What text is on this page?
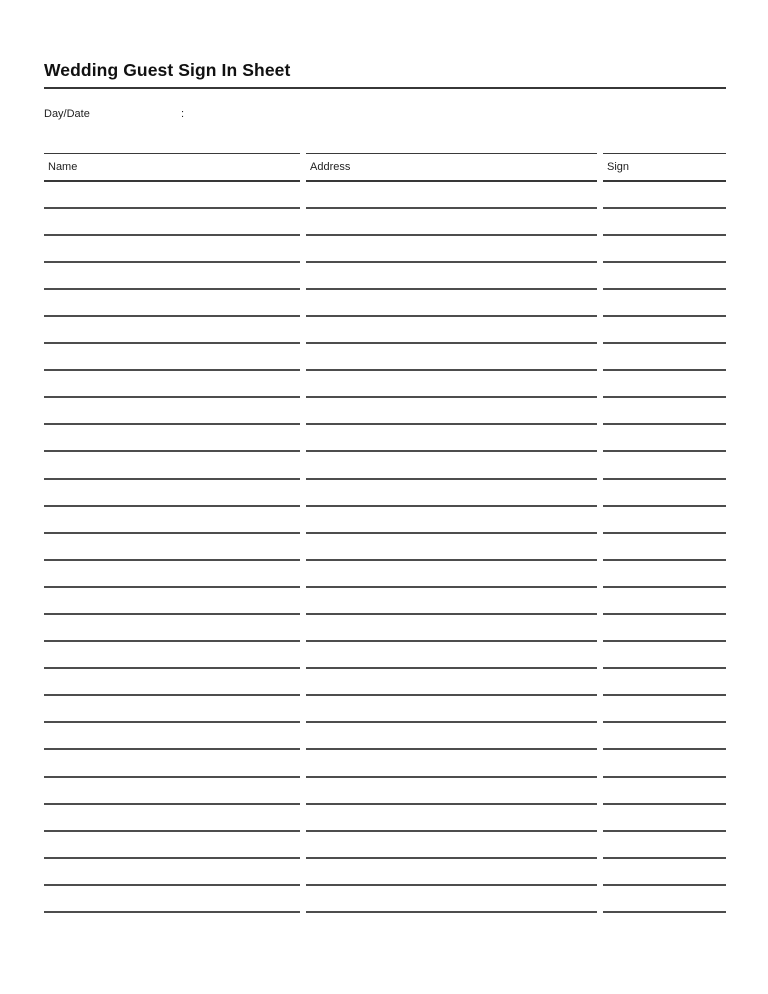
Wedding Guest Sign In Sheet
Day/Date	:
Name	Address	Sign
